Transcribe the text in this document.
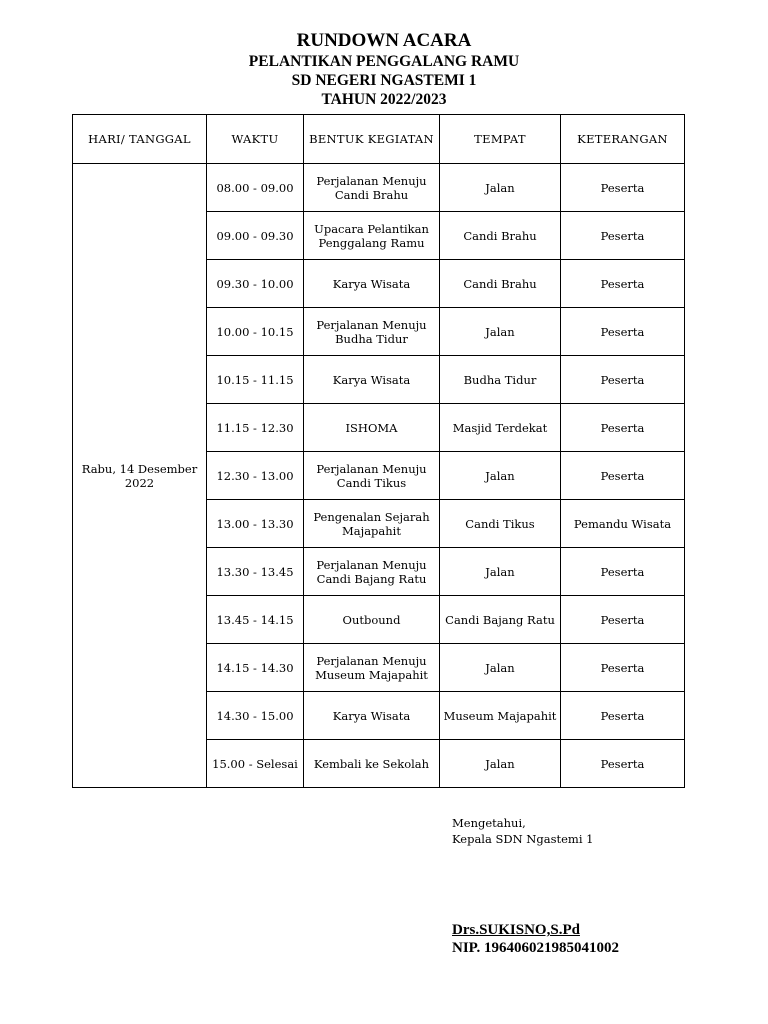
RUNDOWN ACARA
PELANTIKAN PENGGALANG RAMU
SD NEGERI NGASTEMI 1
TAHUN 2022/2023
HARI/ TANGGAL	WAKTU	BENTUK KEGIATAN	TEMPAT	KETERANGAN
Rabu, 14 Desember 2022	08.00 - 09.00	Perjalanan Menuju Candi Brahu	Jalan	Peserta
	09.00 - 09.30	Upacara Pelantikan Penggalang Ramu	Candi Brahu	Peserta
	09.30 - 10.00	Karya Wisata	Candi Brahu	Peserta
	10.00 - 10.15	Perjalanan Menuju Budha Tidur	Jalan	Peserta
	10.15 - 11.15	Karya Wisata	Budha Tidur	Peserta
	11.15 - 12.30	ISHOMA	Masjid Terdekat	Peserta
	12.30 - 13.00	Perjalanan Menuju Candi Tikus	Jalan	Peserta
	13.00 - 13.30	Pengenalan Sejarah Majapahit	Candi Tikus	Pemandu Wisata
	13.30 - 13.45	Perjalanan Menuju Candi Bajang Ratu	Jalan	Peserta
	13.45 - 14.15	Outbound	Candi Bajang Ratu	Peserta
	14.15 - 14.30	Perjalanan Menuju Museum Majapahit	Jalan	Peserta
	14.30 - 15.00	Karya Wisata	Museum Majapahit	Peserta
	15.00 - Selesai	Kembali ke Sekolah	Jalan	Peserta
Mengetahui,
Kepala SDN Ngastemi 1
Drs.SUKISNO,S.Pd
NIP. 196406021985041002
